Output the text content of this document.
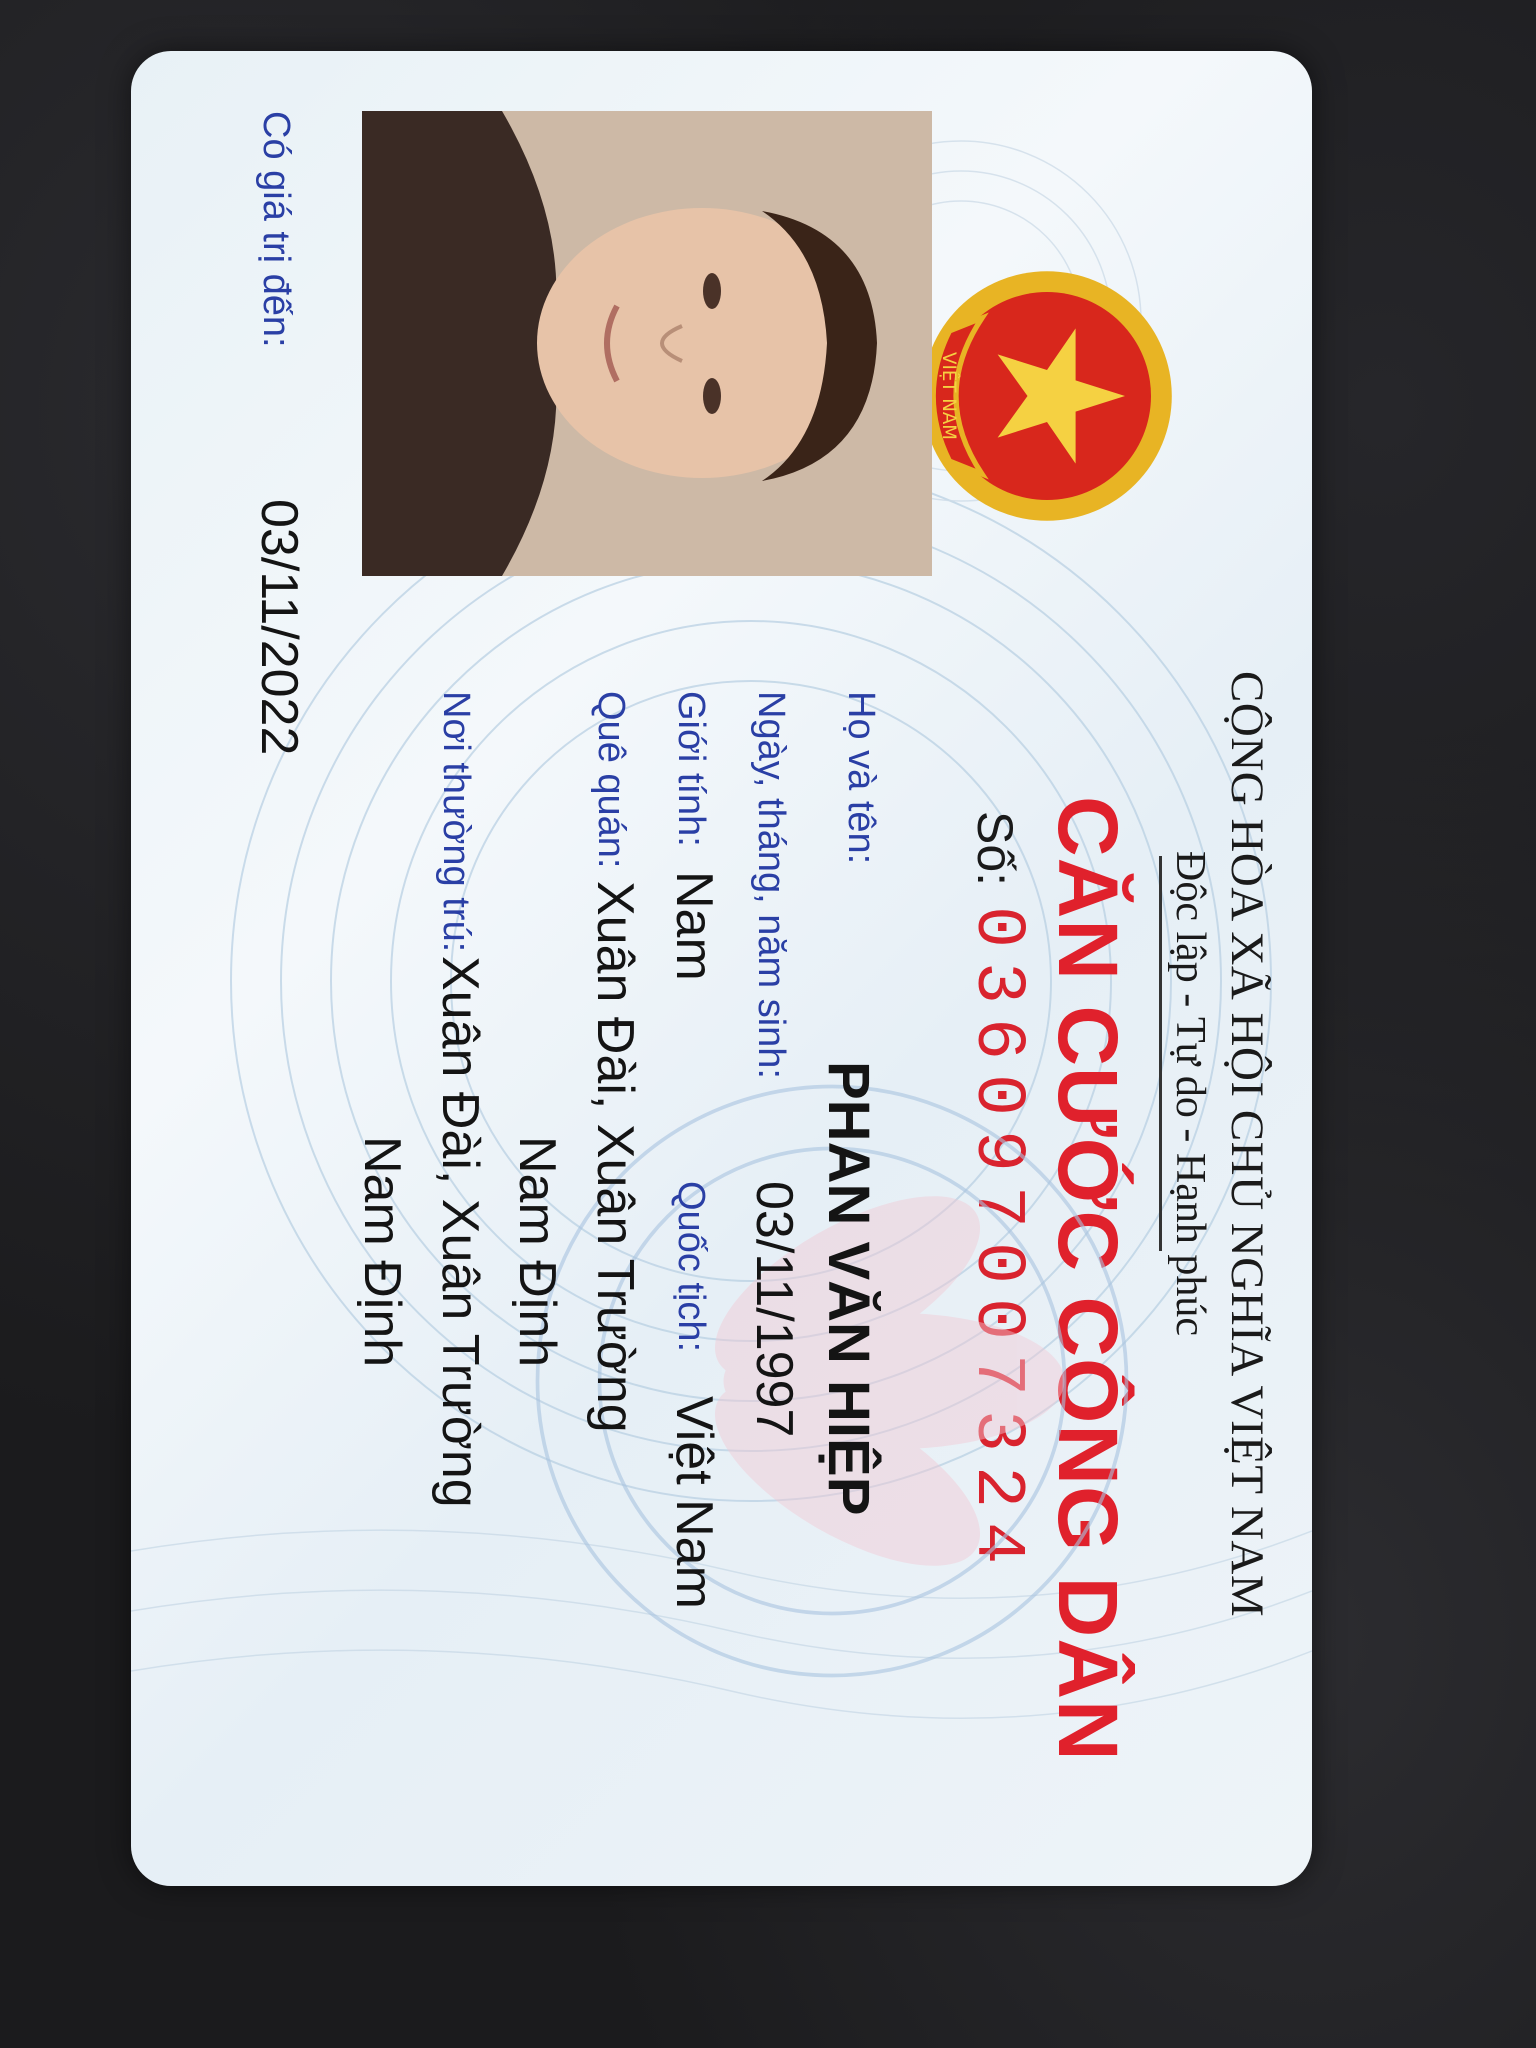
CỘNG HÒA XÃ HỘI CHỦ NGHĨA VIỆT NAM
Độc lập - Tự do - Hạnh phúc
CĂN CƯỚC CÔNG DÂN
Số:
036097007324
VIỆT NAM
Họ và tên:
PHAN VĂN HIỆP
Ngày, tháng, năm sinh:
03/11/1997
Giới tính:
Nam
Quốc tịch:
Việt Nam
Quê quán:
Xuân Đài, Xuân Trường
Nam Định
Nơi thường trú:
Xuân Đài, Xuân Trường
Nam Định
Có giá trị đến:
03/11/2022
